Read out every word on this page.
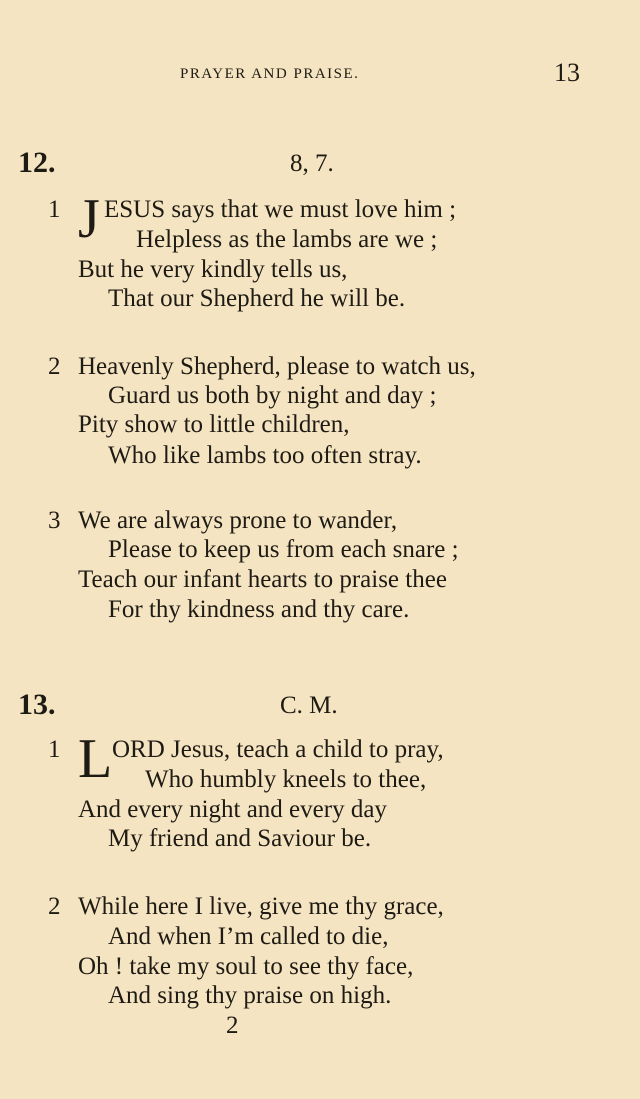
PRAYER AND PRAISE.	13
12.	8, 7.
1 J ESUS says that we must love him ;
Helpless as the lambs are we ;
But he very kindly tells us,
That our Shepherd he will be.
2 Heavenly Shepherd, please to watch us,
Guard us both by night and day ;
Pity show to little children,
Who like lambs too often stray.
3 We are always prone to wander,
Please to keep us from each snare ;
Teach our infant hearts to praise thee
For thy kindness and thy care.
13.	C. M.
1 L ORD Jesus, teach a child to pray,
Who humbly kneels to thee,
And every night and every day
My friend and Saviour be.
2 While here I live, give me thy grace,
And when I’m called to die,
Oh ! take my soul to see thy face,
And sing thy praise on high.
2
